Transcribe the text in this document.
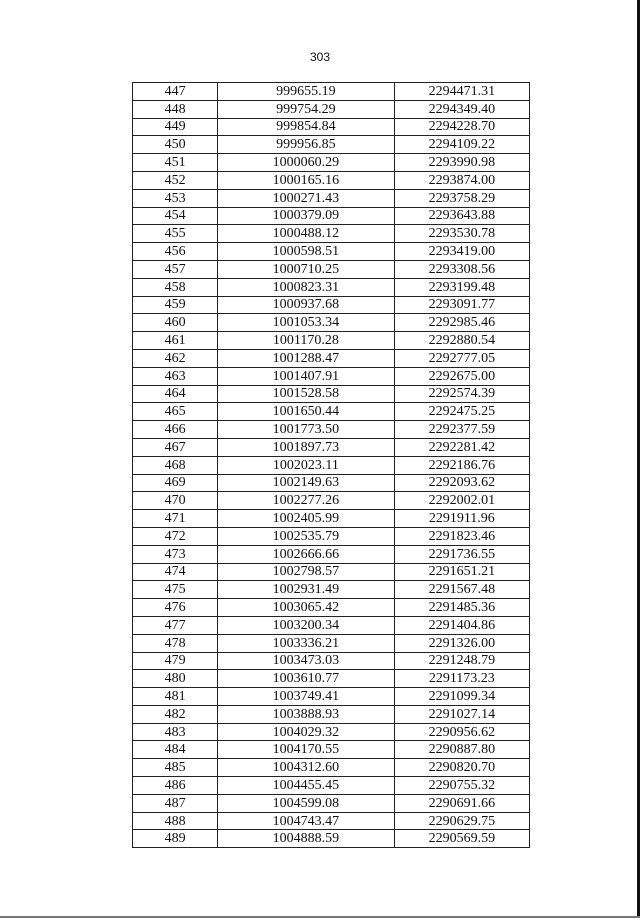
303
447	999655.19	2294471.31
448	999754.29	2294349.40
449	999854.84	2294228.70
450	999956.85	2294109.22
451	1000060.29	2293990.98
452	1000165.16	2293874.00
453	1000271.43	2293758.29
454	1000379.09	2293643.88
455	1000488.12	2293530.78
456	1000598.51	2293419.00
457	1000710.25	2293308.56
458	1000823.31	2293199.48
459	1000937.68	2293091.77
460	1001053.34	2292985.46
461	1001170.28	2292880.54
462	1001288.47	2292777.05
463	1001407.91	2292675.00
464	1001528.58	2292574.39
465	1001650.44	2292475.25
466	1001773.50	2292377.59
467	1001897.73	2292281.42
468	1002023.11	2292186.76
469	1002149.63	2292093.62
470	1002277.26	2292002.01
471	1002405.99	2291911.96
472	1002535.79	2291823.46
473	1002666.66	2291736.55
474	1002798.57	2291651.21
475	1002931.49	2291567.48
476	1003065.42	2291485.36
477	1003200.34	2291404.86
478	1003336.21	2291326.00
479	1003473.03	2291248.79
480	1003610.77	2291173.23
481	1003749.41	2291099.34
482	1003888.93	2291027.14
483	1004029.32	2290956.62
484	1004170.55	2290887.80
485	1004312.60	2290820.70
486	1004455.45	2290755.32
487	1004599.08	2290691.66
488	1004743.47	2290629.75
489	1004888.59	2290569.59
